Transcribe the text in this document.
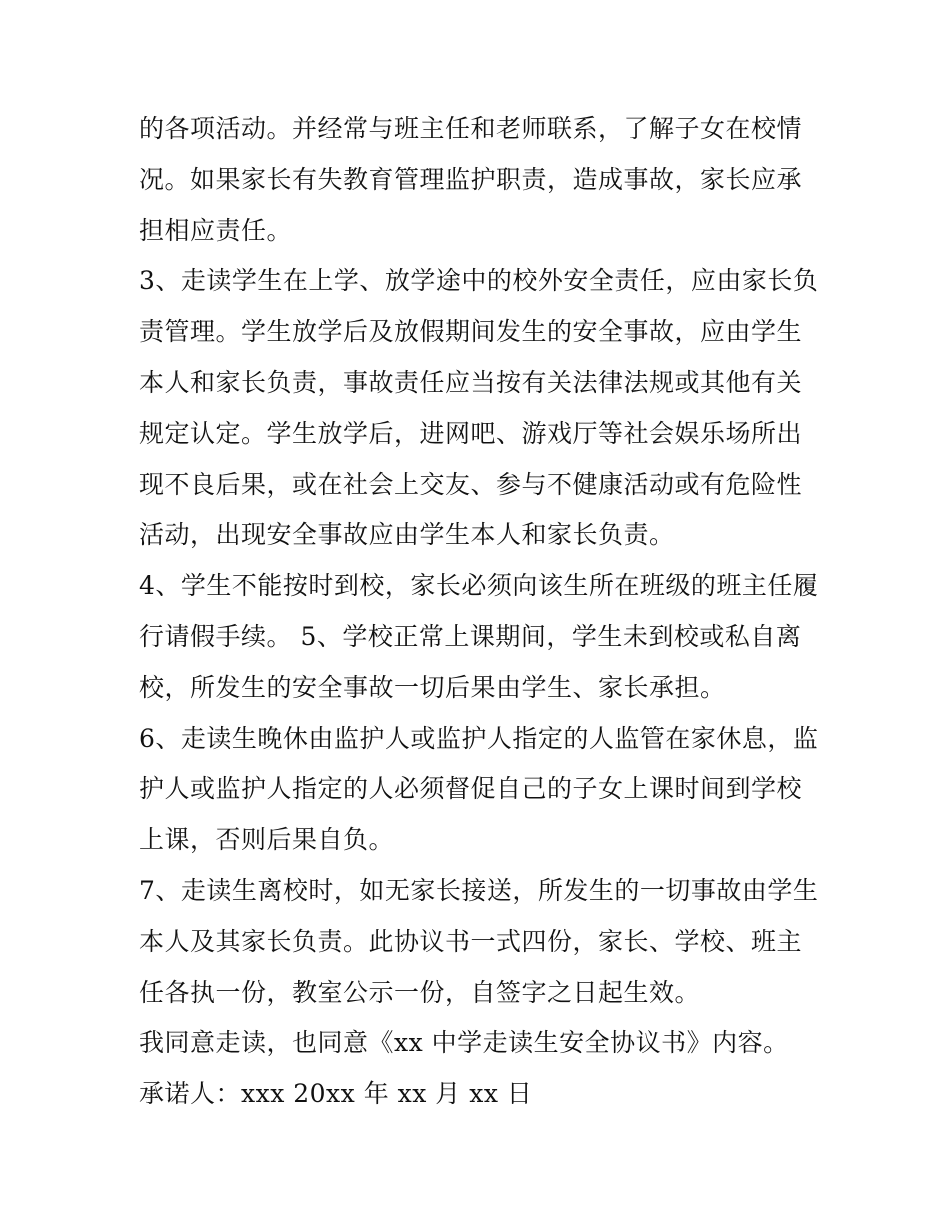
的各项活动。并经常与班主任和老师联系，了解子女在校情况。如果家长有失教育管理监护职责，造成事故，家长应承担相应责任。

3、走读学生在上学、放学途中的校外安全责任，应由家长负责管理。学生放学后及放假期间发生的安全事故，应由学生本人和家长负责，事故责任应当按有关法律法规或其他有关规定认定。学生放学后，进网吧、游戏厅等社会娱乐场所出现不良后果，或在社会上交友、参与不健康活动或有危险性活动，出现安全事故应由学生本人和家长负责。

4、学生不能按时到校，家长必须向该生所在班级的班主任履行请假手续。 5、学校正常上课期间，学生未到校或私自离校，所发生的安全事故一切后果由学生、家长承担。

6、走读生晚休由监护人或监护人指定的人监管在家休息，监护人或监护人指定的人必须督促自己的子女上课时间到学校上课，否则后果自负。

7、走读生离校时，如无家长接送，所发生的一切事故由学生本人及其家长负责。此协议书一式四份，家长、学校、班主任各执一份，教室公示一份，自签字之日起生效。

我同意走读，也同意《xx 中学走读生安全协议书》内容。 承诺人：xxx 20xx 年 xx 月 xx 日
